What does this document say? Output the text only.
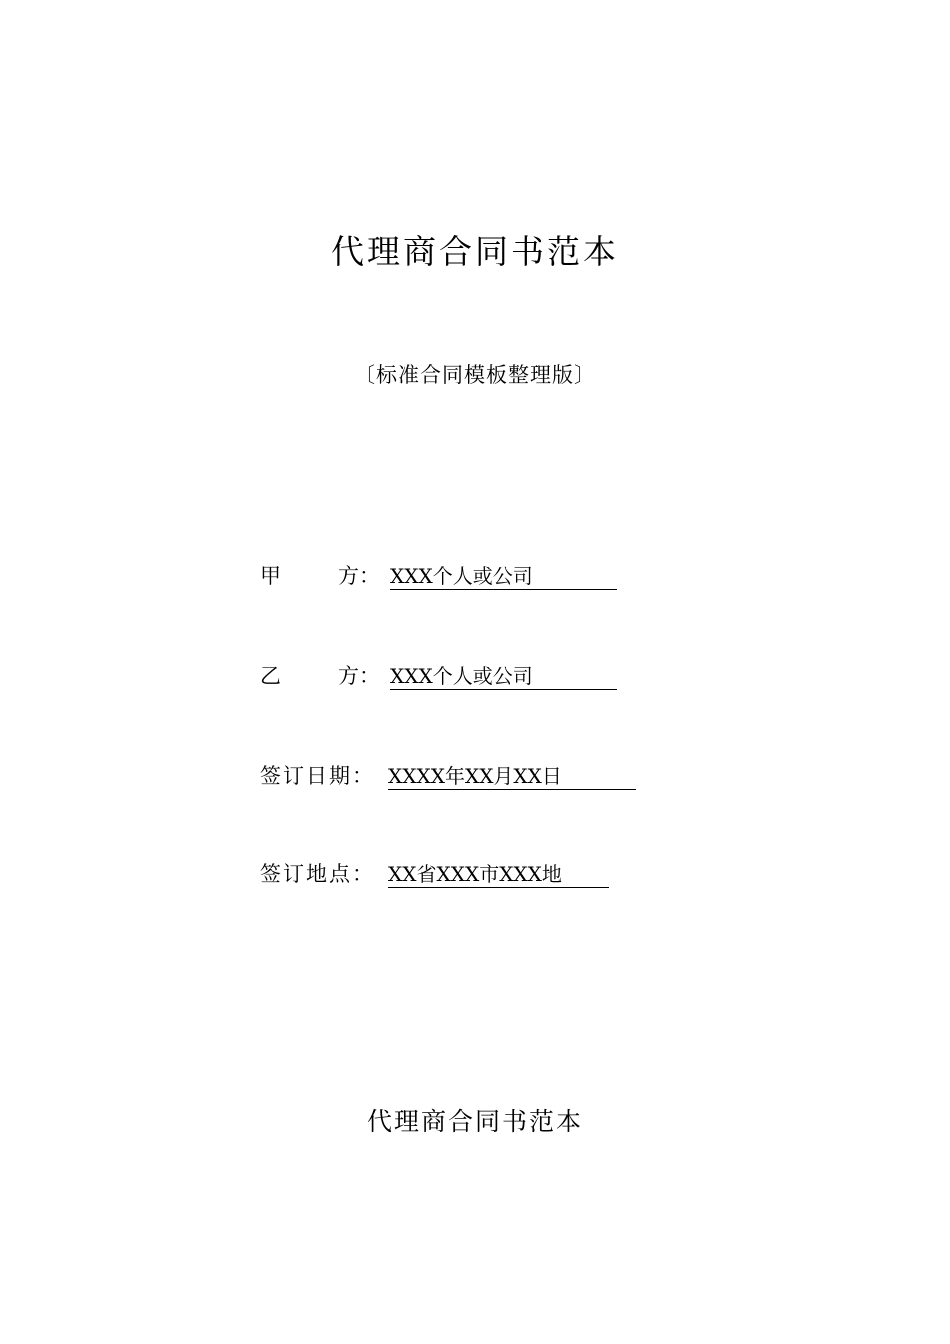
代理商合同书范本
〔标准合同模板整理版〕
甲	方： XXX个人或公司
乙	方： XXX个人或公司
签订日期：XXXX年XX月XX日
签订地点： XX省XXX市XXX地
代理商合同书范本
